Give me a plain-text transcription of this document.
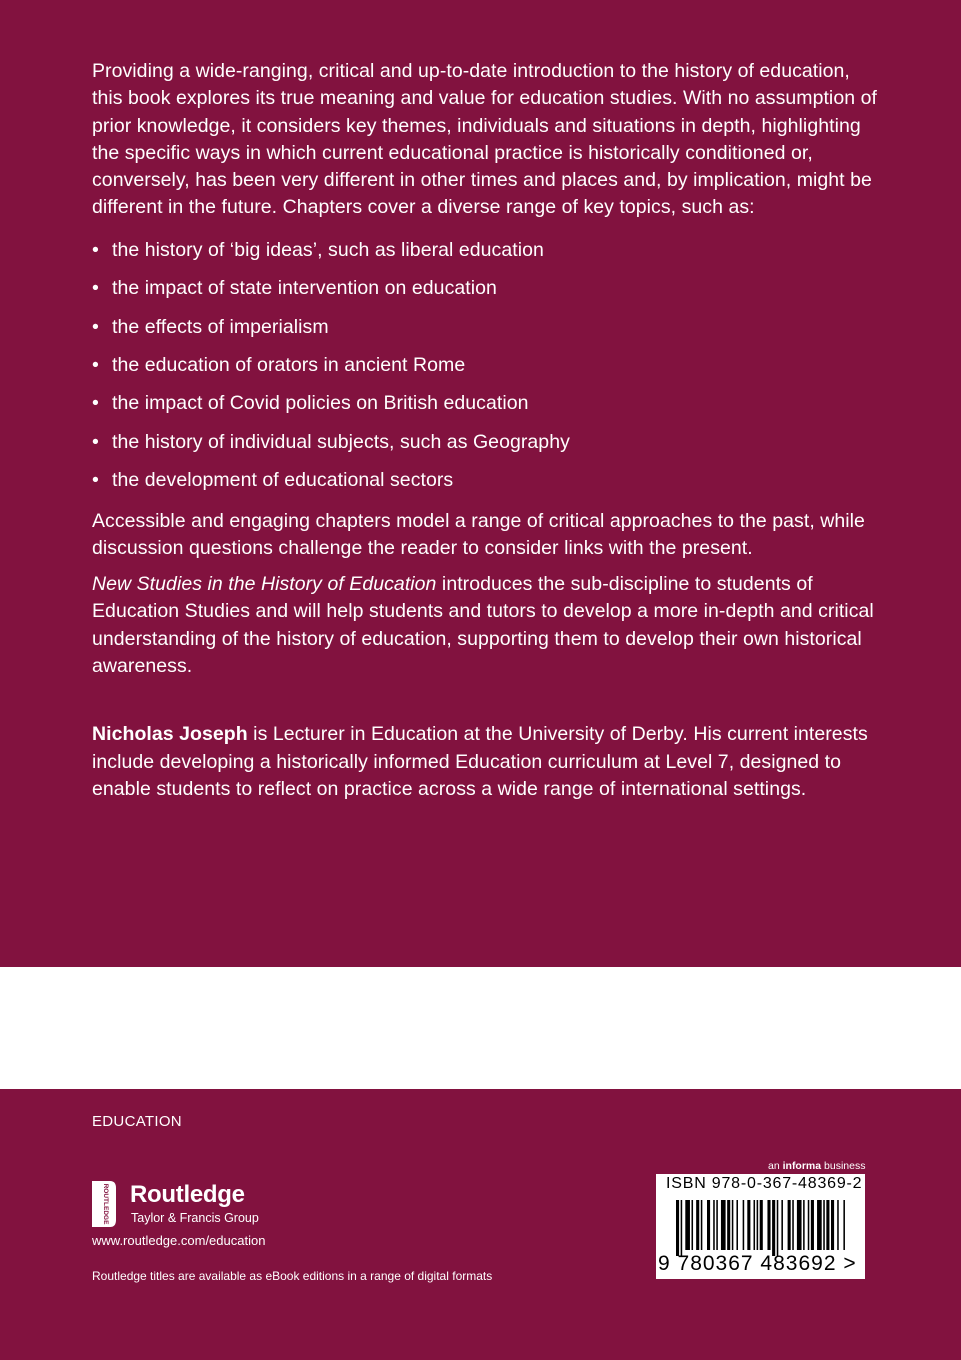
Providing a wide-ranging, critical and up-to-date introduction to the history of education, this book explores its true meaning and value for education studies. With no assumption of prior knowledge, it considers key themes, individuals and situations in depth, highlighting the specific ways in which current educational practice is historically conditioned or, conversely, has been very different in other times and places and, by implication, might be different in the future. Chapters cover a diverse range of key topics, such as:

• the history of ‘big ideas’, such as liberal education
• the impact of state intervention on education
• the effects of imperialism
• the education of orators in ancient Rome
• the impact of Covid policies on British education
• the history of individual subjects, such as Geography
• the development of educational sectors

Accessible and engaging chapters model a range of critical approaches to the past, while discussion questions challenge the reader to consider links with the present.

New Studies in the History of Education introduces the sub-discipline to students of Education Studies and will help students and tutors to develop a more in-depth and critical understanding of the history of education, supporting them to develop their own historical awareness.

Nicholas Joseph is Lecturer in Education at the University of Derby. His current interests include developing a historically informed Education curriculum at Level 7, designed to enable students to reflect on practice across a wide range of international settings.

EDUCATION
ROUTLEDGE Routledge
Taylor & Francis Group
www.routledge.com/education
Routledge titles are available as eBook editions in a range of digital formats
an informa business
ISBN 978-0-367-48369-2
9 780367 483692 >
